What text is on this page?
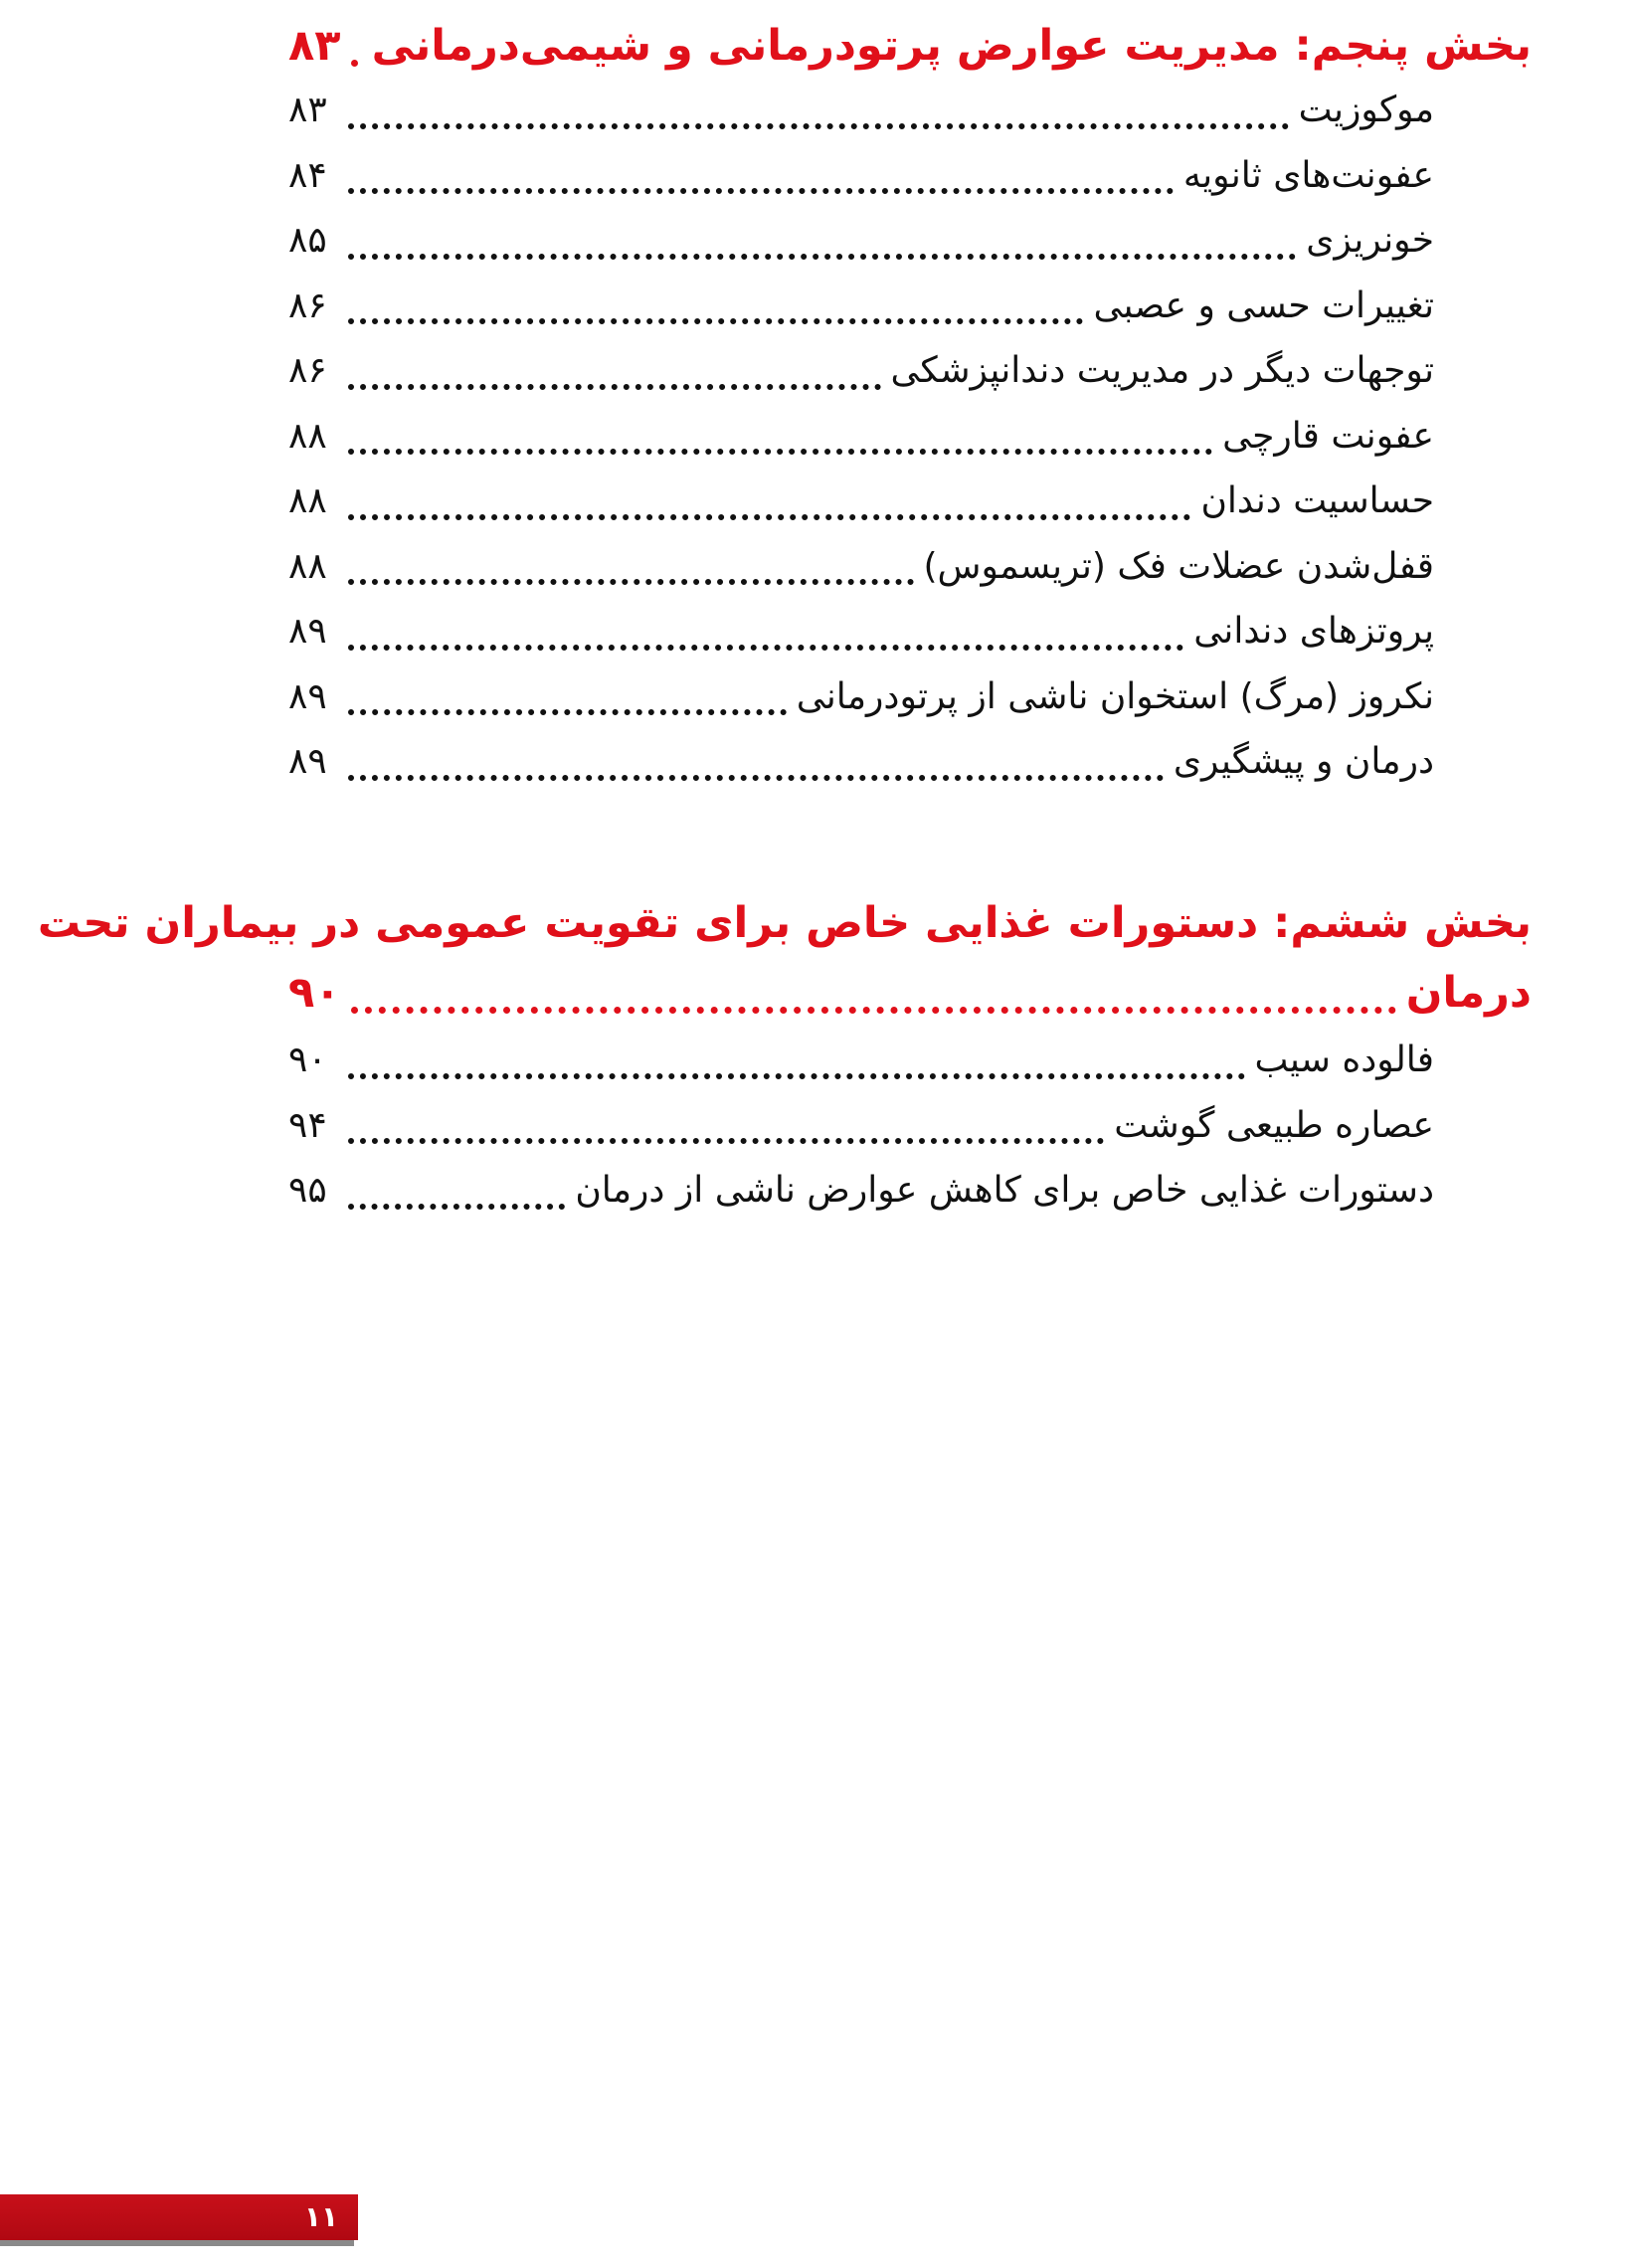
بخش پنجم: مدیریت عوارض پرتودرمانی و شیمی‌درمانی
۸۳
موکوزیت
۸۳
عفونت‌های ثانویه
۸۴
خونریزی
۸۵
تغییرات حسی و عصبی
۸۶
توجهات دیگر در مدیریت دندانپزشکی
۸۶
عفونت قارچی
۸۸
حساسیت دندان
۸۸
قفل‌شدن عضلات فک (تریسموس)
۸۸
پروتزهای دندانی
۸۹
نکروز (مرگ) استخوان ناشی از پرتودرمانی
۸۹
درمان و پیشگیری
۸۹
بخش ششم: دستورات غذایی خاص برای تقویت عمومی در بیماران تحت
درمان
۹۰
فالوده سیب
۹۰
عصاره طبیعی گوشت
۹۴
دستورات غذایی خاص برای کاهش عوارض ناشی از درمان
۹۵
۱۱
